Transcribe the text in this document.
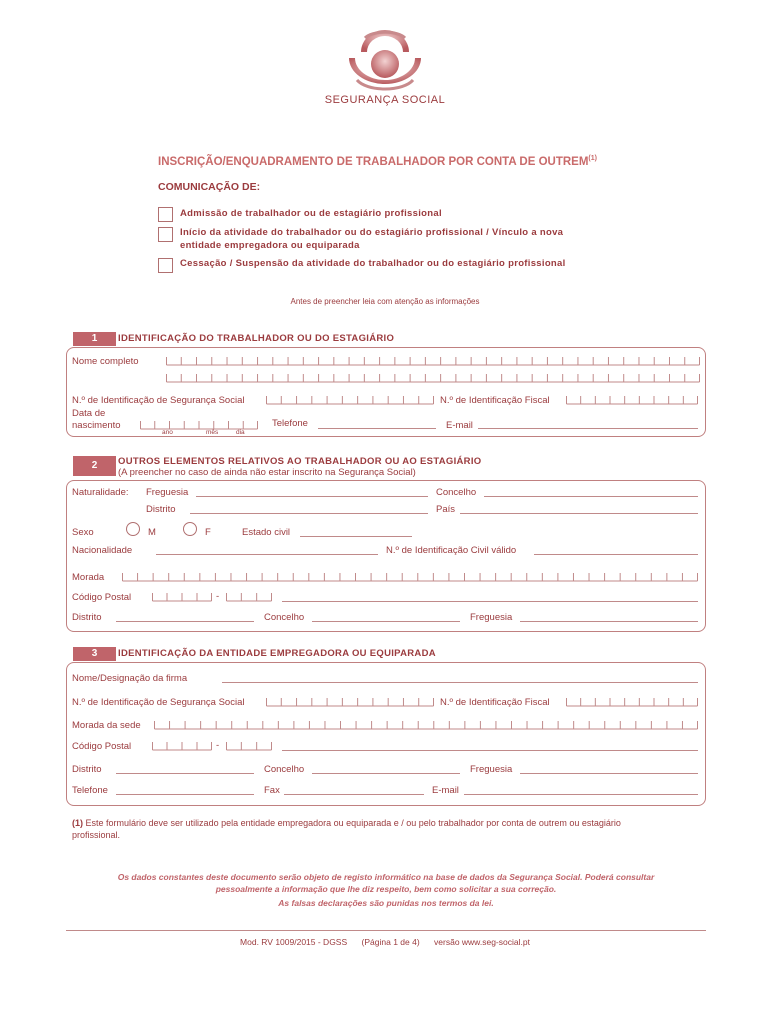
SEGURANÇA SOCIAL
INSCRIÇÃO/ENQUADRAMENTO DE TRABALHADOR POR CONTA DE OUTREM$^{(1)}$
COMUNICAÇÃO DE:
Admissão de trabalhador ou de estagiário profissional
Início da atividade do trabalhador ou do estagiário profissional / Vínculo a nova
entidade empregadora ou equiparada
Cessação / Suspensão da atividade do trabalhador ou do estagiário profissional
Antes de preencher leia com atenção as informações
1	IDENTIFICAÇÃO DO TRABALHADOR OU DO ESTAGIÁRIO
Nome completo
N.º de Identificação de Segurança Social	N.º de Identificação Fiscal
Data de
nascimento
ano	mês	dia
Telefone	E-mail
2	OUTROS ELEMENTOS RELATIVOS AO TRABALHADOR OU AO ESTAGIÁRIO
(A preencher no caso de ainda não estar inscrito na Segurança Social)
Naturalidade: Freguesia	Concelho
Distrito	País
Sexo	M	F	Estado civil
Nacionalidade	N.º de Identificação Civil válido
Morada
Código Postal	-
Distrito	Concelho	Freguesia
3	IDENTIFICAÇÃO DA ENTIDADE EMPREGADORA OU EQUIPARADA
Nome/Designação da firma
N.º de Identificação de Segurança Social	N.º de Identificação Fiscal
Morada da sede
Código Postal	-
Distrito	Concelho	Freguesia
Telefone	Fax	E-mail
(1) Este formulário deve ser utilizado pela entidade empregadora ou equiparada e / ou pelo trabalhador por conta de outrem ou estagiário
profissional.
Os dados constantes deste documento serão objeto de registo informático na base de dados da Segurança Social. Poderá consultar
pessoalmente a informação que lhe diz respeito, bem como solicitar a sua correção.
As falsas declarações são punidas nos termos da lei.
Mod. RV 1009/2015 - DGSS (Página 1 de 4) versão www.seg-social.pt
